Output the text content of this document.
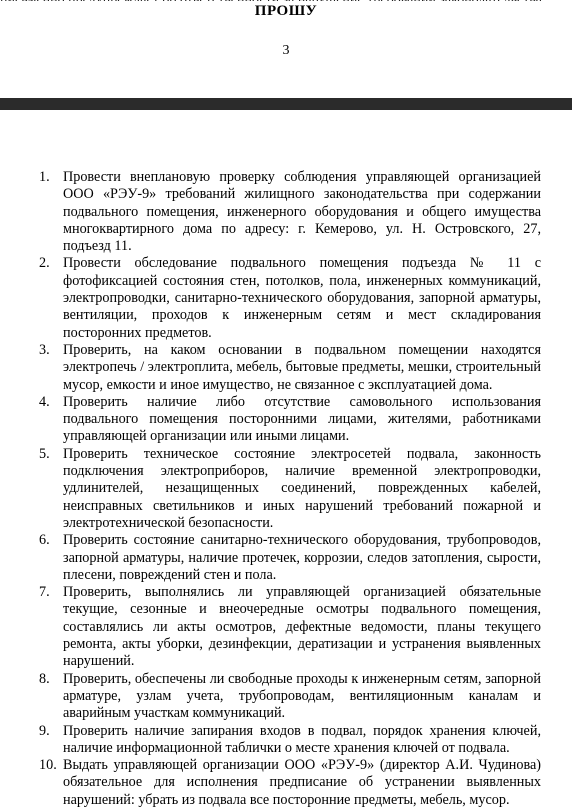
ПРОШУ
3
1. Провести внеплановую проверку соблюдения управляющей организацией ООО «РЭУ-9» требований жилищного законодательства при содержании подвального помещения, инженерного оборудования и общего имущества многоквартирного дома по адресу: г. Кемерово, ул. Н. Островского, 27, подъезд 11.
2. Провести обследование подвального помещения подъезда № 11 с фотофиксацией состояния стен, потолков, пола, инженерных коммуникаций, электропроводки, санитарно-технического оборудования, запорной арматуры, вентиляции, проходов к инженерным сетям и мест складирования посторонних предметов.
3. Проверить, на каком основании в подвальном помещении находятся электропечь / электроплита, мебель, бытовые предметы, мешки, строительный мусор, емкости и иное имущество, не связанное с эксплуатацией дома.
4. Проверить наличие либо отсутствие самовольного использования подвального помещения посторонними лицами, жителями, работниками управляющей организации или иными лицами.
5. Проверить техническое состояние электросетей подвала, законность подключения электроприборов, наличие временной электропроводки, удлинителей, незащищенных соединений, поврежденных кабелей, неисправных светильников и иных нарушений требований пожарной и электротехнической безопасности.
6. Проверить состояние санитарно-технического оборудования, трубопроводов, запорной арматуры, наличие протечек, коррозии, следов затопления, сырости, плесени, повреждений стен и пола.
7. Проверить, выполнялись ли управляющей организацией обязательные текущие, сезонные и внеочередные осмотры подвального помещения, составлялись ли акты осмотров, дефектные ведомости, планы текущего ремонта, акты уборки, дезинфекции, дератизации и устранения выявленных нарушений.
8. Проверить, обеспечены ли свободные проходы к инженерным сетям, запорной арматуре, узлам учета, трубопроводам, вентиляционным каналам и аварийным участкам коммуникаций.
9. Проверить наличие запирания входов в подвал, порядок хранения ключей, наличие информационной таблички о месте хранения ключей от подвала.
10. Выдать управляющей организации ООО «РЭУ-9» (директор А.И. Чудинова) обязательное для исполнения предписание об устранении выявленных нарушений: убрать из подвала все посторонние предметы, мебель, мусор.
